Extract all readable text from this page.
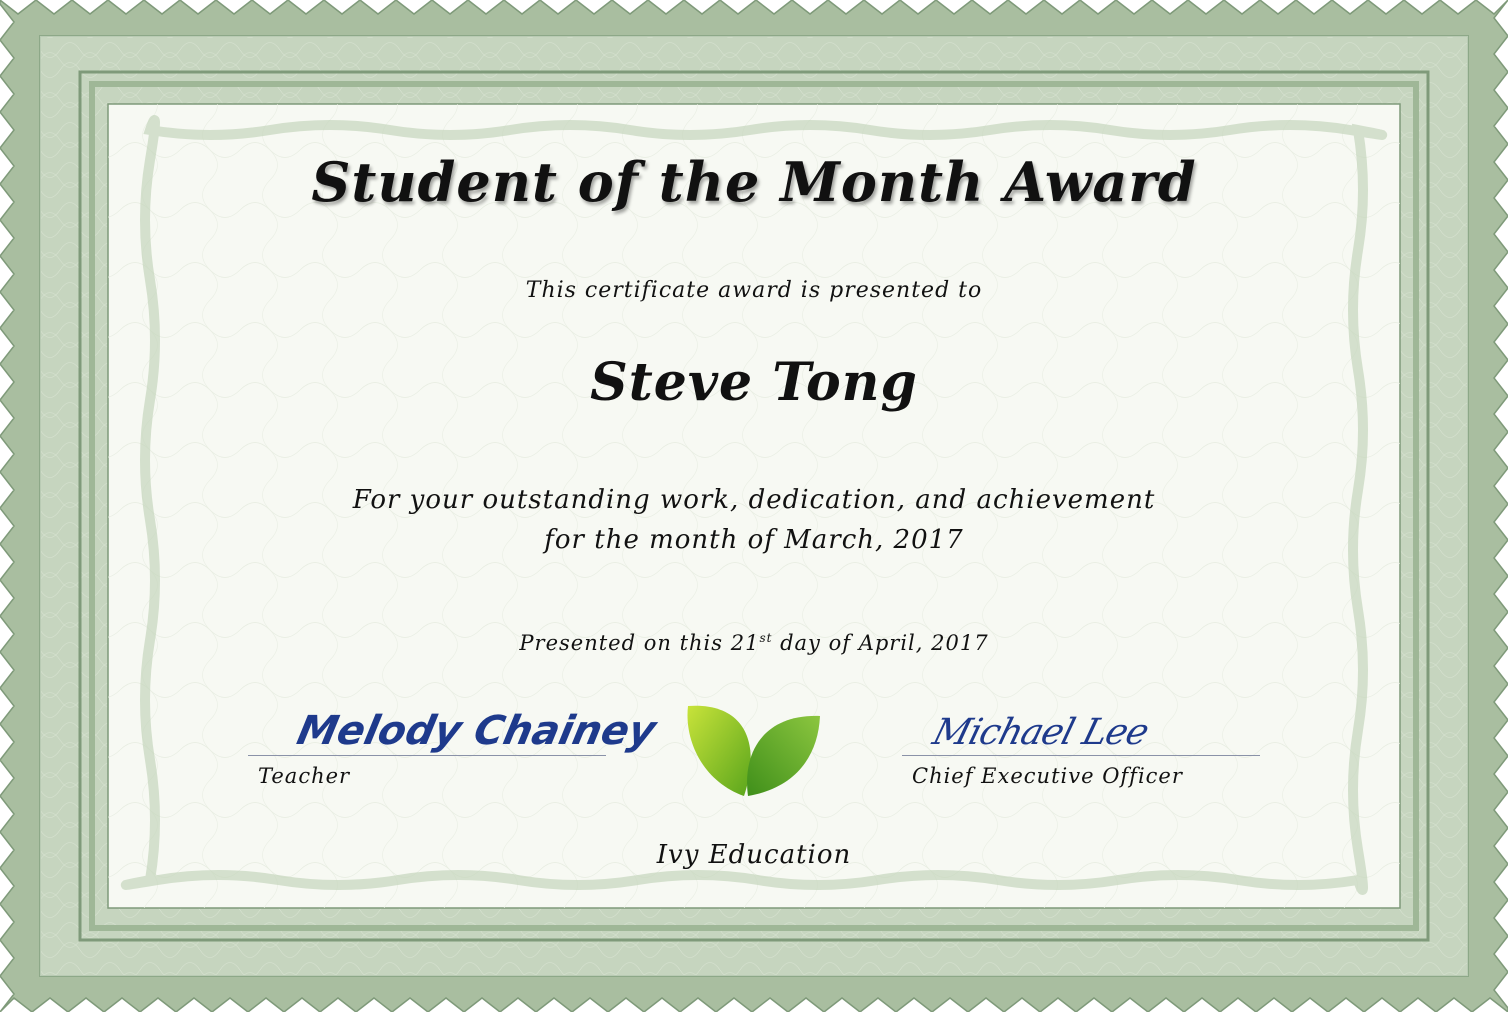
Student of the Month Award

This certificate award is presented to

Steve Tong

For your outstanding work, dedication, and achievement
for the month of March, 2017

Presented on this 21st day of April, 2017

Melody Chainey
Teacher
Michael Lee
Chief Executive Officer

Ivy Education
